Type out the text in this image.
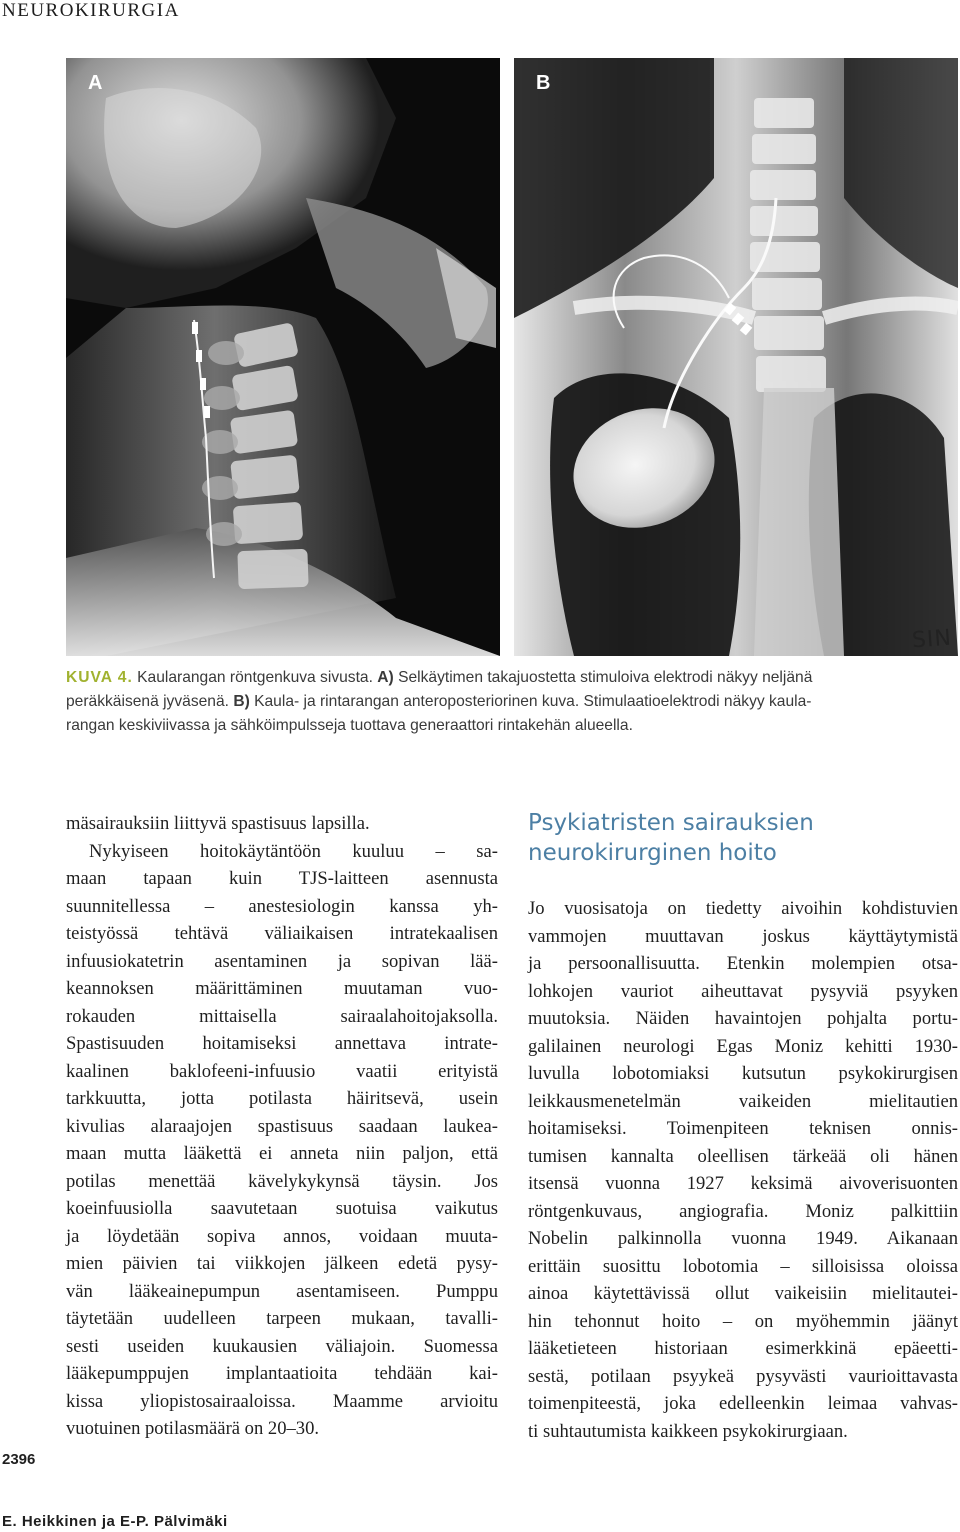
NEUROKIRURGIA
A	B
SIN
KUVA 4. Kaularangan röntgenkuva sivusta. A) Selkäytimen takajuostetta stimuloiva elektrodi näkyy neljänä
peräkkäisenä jyväsenä. B) Kaula- ja rintarangan anteroposteriorinen kuva. Stimulaatioelektrodi näkyy kaula-
rangan keskiviivassa ja sähköimpulsseja tuottava generaattori rintakehän alueella.
mäsairauksiin liittyvä spastisuus lapsilla.
Nykyiseen hoitokäytäntöön kuuluu – sa-
maan tapaan kuin TJS-laitteen asennusta
suunnitellessa – anestesiologin kanssa yh-
teistyössä tehtävä väliaikaisen intratekaalisen
infuusiokatetrin asentaminen ja sopivan lää-
keannoksen määrittäminen muutaman vuo-
rokauden mittaisella sairaalahoitojaksolla.
Spastisuuden hoitamiseksi annettava intrate-
kaalinen baklofeeni-infuusio vaatii erityistä
tarkkuutta, jotta potilasta häiritsevä, usein
kivulias alaraajojen spastisuus saadaan laukea-
maan mutta lääkettä ei anneta niin paljon, että
potilas menettää kävelykykynsä täysin. Jos
koeinfuusiolla saavutetaan suotuisa vaikutus
ja löydetään sopiva annos, voidaan muuta-
mien päivien tai viikkojen jälkeen edetä pysy-
vän lääkeainepumpun asentamiseen. Pumppu
täytetään uudelleen tarpeen mukaan, tavalli-
sesti useiden kuukausien väliajoin. Suomessa
lääkepumppujen implantaatioita tehdään kai-
kissa yliopistosairaaloissa. Maamme arvioitu
vuotuinen potilasmäärä on 20–30.
Psykiatristen sairauksien
neurokirurginen hoito
Jo vuosisatoja on tiedetty aivoihin kohdistuvien
vammojen muuttavan joskus käyttäytymistä
ja persoonallisuutta. Etenkin molempien otsa-
lohkojen vauriot aiheuttavat pysyviä psyyken
muutoksia. Näiden havaintojen pohjalta portu-
galilainen neurologi Egas Moniz kehitti 1930-
luvulla lobotomiaksi kutsutun psykokirurgisen
leikkausmenetelmän vaikeiden mielitautien
hoitamiseksi. Toimenpiteen teknisen onnis-
tumisen kannalta oleellisen tärkeää oli hänen
itsensä vuonna 1927 keksimä aivoverisuonten
röntgenkuvaus, angiografia. Moniz palkittiin
Nobelin palkinnolla vuonna 1949. Aikanaan
erittäin suosittu lobotomia – silloisissa oloissa
ainoa käytettävissä ollut vaikeisiin mielitautei-
hin tehonnut hoito – on myöhemmin jäänyt
lääketieteen historiaan esimerkkinä epäeetti-
sestä, potilaan psyykeä pysyvästi vaurioittavasta
toimenpiteestä, joka edelleenkin leimaa vahvas-
ti suhtautumista kaikkeen psykokirurgiaan.
2396
E. Heikkinen ja E-P. Pälvimäki
